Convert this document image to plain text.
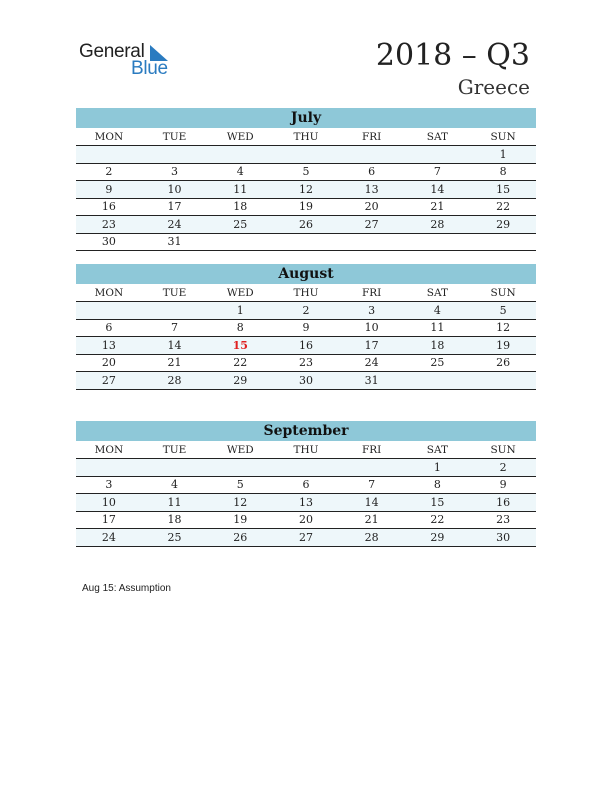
General
Blue	2018 – Q3
Greece
July
MON	TUE	WED	THU	FRI	SAT	SUN
						1
2	3	4	5	6	7	8
9	10	11	12	13	14	15
16	17	18	19	20	21	22
23	24	25	26	27	28	29
30	31					
August
MON	TUE	WED	THU	FRI	SAT	SUN
		1	2	3	4	5
6	7	8	9	10	11	12
13	14	15	16	17	18	19
20	21	22	23	24	25	26
27	28	29	30	31		
September
MON	TUE	WED	THU	FRI	SAT	SUN
					1	2
3	4	5	6	7	8	9
10	11	12	13	14	15	16
17	18	19	20	21	22	23
24	25	26	27	28	29	30
Aug 15: Assumption
